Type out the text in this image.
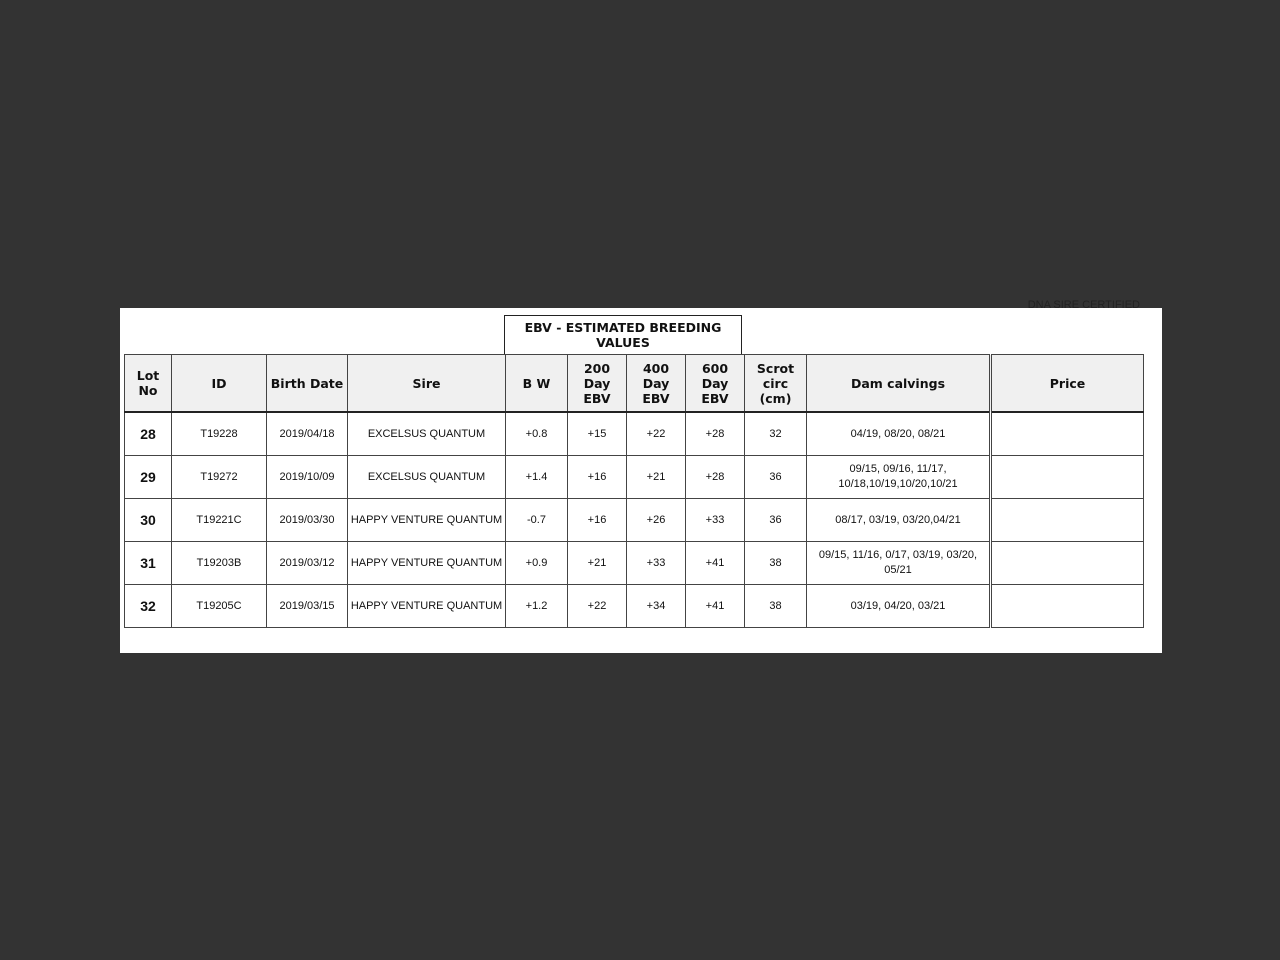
DNA SIRE CERTIFIED
EBV - ESTIMATED BREEDING VALUES
Lot No	ID	Birth Date	Sire	B W	200 Day EBV	400 Day EBV	600 Day EBV	Scrot circ (cm)	Dam calvings	Price
28	T19228	2019/04/18	EXCELSUS QUANTUM	+0.8	+15	+22	+28	32	04/19, 08/20, 08/21	
29	T19272	2019/10/09	EXCELSUS QUANTUM	+1.4	+16	+21	+28	36	09/15, 09/16, 11/17, 10/18,10/19,10/20,10/21	
30	T19221C	2019/03/30	HAPPY VENTURE QUANTUM	-0.7	+16	+26	+33	36	08/17, 03/19, 03/20,04/21	
31	T19203B	2019/03/12	HAPPY VENTURE QUANTUM	+0.9	+21	+33	+41	38	09/15, 11/16, 0/17, 03/19, 03/20, 05/21	
32	T19205C	2019/03/15	HAPPY VENTURE QUANTUM	+1.2	+22	+34	+41	38	03/19, 04/20, 03/21	
